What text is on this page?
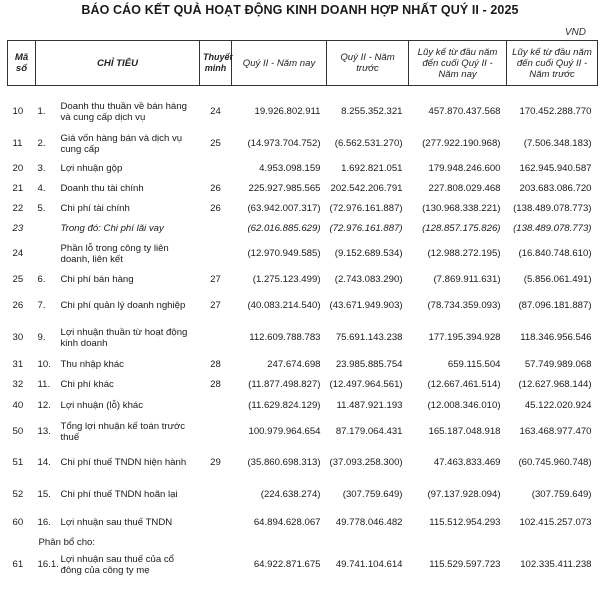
BÁO CÁO KẾT QUẢ HOẠT ĐỘNG KINH DOANH HỢP NHẤT QUÝ II - 2025
VND
Mã số	CHỈ TIÊU		Thuyết minh	Quý II - Năm nay	Quý II - Năm trước	Lũy kế từ đầu năm đến cuối Quý II - Năm nay	Lũy kế từ đầu năm đến cuối Quý II - Năm trước

10	1.	Doanh thu thuần về bán hàng và cung cấp dịch vụ	24	19.926.802.911	8.255.352.321	457.870.437.568	170.452.288.770
11	2.	Giá vốn hàng bán và dịch vụ cung cấp	25	(14.973.704.752)	(6.562.531.270)	(277.922.190.968)	(7.506.348.183)
20	3.	Lợi nhuận gộp		4.953.098.159	1.692.821.051	179.948.246.600	162.945.940.587
21	4.	Doanh thu tài chính	26	225.927.985.565	202.542.206.791	227.808.029.468	203.683.086.720
22	5.	Chi phí tài chính	26	(63.942.007.317)	(72.976.161.887)	(130.968.338.221)	(138.489.078.773)
23		Trong đó: Chi phí lãi vay		(62.016.885.629)	(72.976.161.887)	(128.857.175.826)	(138.489.078.773)
24		Phần lỗ trong công ty liên doanh, liên kết		(12.970.949.585)	(9.152.689.534)	(12.988.272.195)	(16.840.748.610)
25	6.	Chi phí bán hàng	27	(1.275.123.499)	(2.743.083.290)	(7.869.911.631)	(5.856.061.491)
26	7.	Chi phí quản lý doanh nghiệp	27	(40.083.214.540)	(43.671.949.903)	(78.734.359.093)	(87.096.181.887)
30	9.	Lợi nhuận thuần từ hoạt động kinh doanh		112.609.788.783	75.691.143.238	177.195.394.928	118.346.956.546
31	10.	Thu nhập khác	28	247.674.698	23.985.885.754	659.115.504	57.749.989.068
32	11.	Chi phí khác	28	(11.877.498.827)	(12.497.964.561)	(12.667.461.514)	(12.627.968.144)
40	12.	Lợi nhuận (lỗ) khác		(11.629.824.129)	11.487.921.193	(12.008.346.010)	45.122.020.924
50	13.	Tổng lợi nhuận kế toán trước thuế		100.979.964.654	87.179.064.431	165.187.048.918	163.468.977.470
51	14.	Chi phí thuế TNDN hiện hành	29	(35.860.698.313)	(37.093.258.300)	47.463.833.469	(60.745.960.748)
52	15.	Chi phí thuế TNDN hoãn lại		(224.638.274)	(307.759.649)	(97.137.928.094)	(307.759.649)
60	16.	Lợi nhuận sau thuế TNDN		64.894.628.067	49.778.046.482	115.512.954.293	102.415.257.073
	Phân bổ cho:						
61	16.1.	Lợi nhuận sau thuế của cổ đông của công ty mẹ		64.922.871.675	49.741.104.614	115.529.597.723	102.335.411.238
